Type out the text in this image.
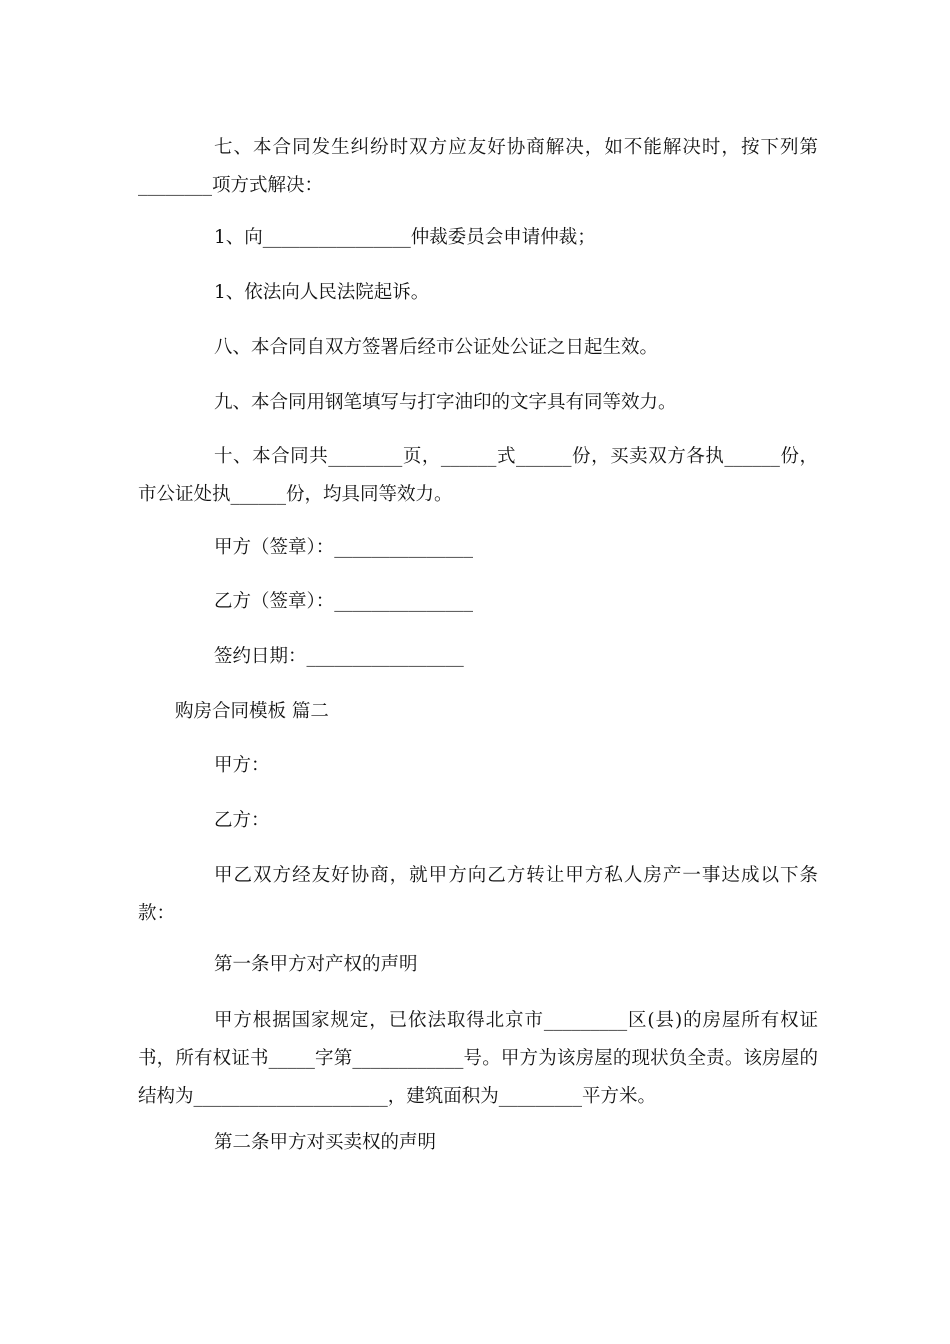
七、本合同发生纠纷时双方应友好协商解决，如不能解决时，按下列第________项方式解决：

1、向________________仲裁委员会申请仲裁；

1、依法向人民法院起诉。

八、本合同自双方签署后经市公证处公证之日起生效。

九、本合同用钢笔填写与打字油印的文字具有同等效力。

十、本合同共________页，______式______份，买卖双方各执______份，市公证处执______份，均具同等效力。

甲方（签章）：_______________

乙方（签章）：_______________

签约日期：_________________

购房合同模板 篇二

甲方：

乙方：

甲乙双方经友好协商，就甲方向乙方转让甲方私人房产一事达成以下条款：

第一条甲方对产权的声明

甲方根据国家规定，已依法取得北京市_________区(县)的房屋所有权证书，所有权证书_____字第____________号。甲方为该房屋的现状负全责。该房屋的结构为_____________________，建筑面积为_________平方米。

第二条甲方对买卖权的声明
